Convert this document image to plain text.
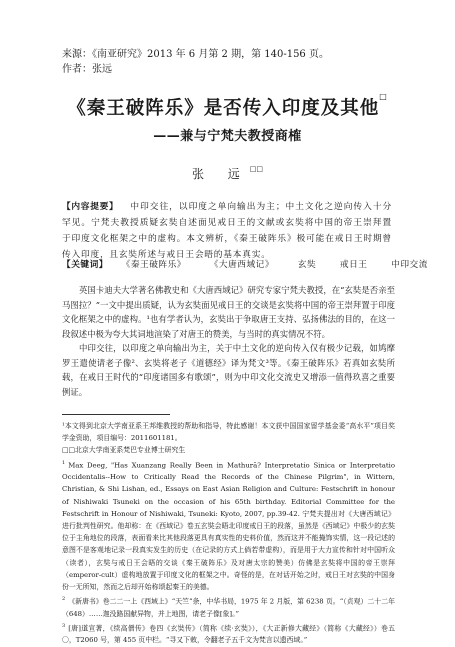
来源：《南亚研究》2013 年 6 月第 2 期，第 140-156 页。
作者：张远
《秦王破阵乐》是否传入印度及其他□
——兼与宁梵夫教授商榷
张 远□□
【内容提要】 中印交往，以印度之单向输出为主；中土文化之逆向传入十分罕见。宁梵夫教授质疑玄奘自述面见戒日王的文献或玄奘将中国的帝王崇拜置于印度文化框架之中的虚构。本文辨析，《秦王破阵乐》极可能在戒日王时期曾传入印度，且玄奘所述与戒日王会晤的基本真实。
【关键词】 《秦王破阵乐》	《大唐西域记》	玄奘	戒日王	中印交流

英国卡迪夫大学著名佛教史和《大唐西域记》研究专家宁梵夫教授，在“玄奘是否亲至马图拉？”一文中提出质疑，认为玄奘面见戒日王的交谈是玄奘将中国的帝王崇拜置于印度文化框架之中的虚构。¹也有学者认为，玄奘出于争取唐王支持、弘扬佛法的目的，在这一段叙述中极为夸大其词地渲染了对唐王的赞美，与当时的真实情况不符。

中印交往，以印度之单向输出为主，关于中土文化的逆向传入仅有极少记载，如鸠摩罗王遣使请老子像²、玄奘将老子《道德经》译为梵文³等。《秦王破阵乐》若真如玄奘所载，在戒日王时代的“印度诸国多有歌颂”，则为中印文化交流史又增添一值得玖喜之重要例证。

¹本文得到北京大学南亚系王邦维教授的帮助和指导，特此感谢！本文获中国国家留学基金委“高水平”项目奖学金资助，项目编号：2011601181。

□□北京大学南亚系梵巴专业博士研究生

$^1$ Max Deeg, "Has Xuanzang Really Been in Mathurā? Interpretatio Sinica or Interpretatio Occidentalis--How to Critically Read the Records of the Chinese Pilgrim", in Wittern, Christian, & Shi Lishan, ed., Essays on East Asian Religion and Culture: Festschrift in honour of Nishiwaki Tsuneki on the occasion of his 65th birthday. Editorial Committee for the Festschrift in Honour of Nishiwaki, Tsuneki: Kyoto, 2007, pp.39-42. 宁梵夫提出对《大唐西域记》进行批判性研究。他却称：在《西域记》卷五玄奘会晤北印度戒日王的段落，虽然是《西域记》中极少的玄奘位于主角地位的段落，表面看来比其他段落更具有真实性的史料价值，然而这并不能掩饰实情，这一段记述的意图不是客观地记录一段真实发生的历史（在记录的方式上倘若带虚构），而是用于大力宣传和针对中国听众（读者），玄奘与戒日王会晤的交谈《秦王破阵乐》及对唐太宗的赞美）仿佛是玄奘将中国的帝王崇拜（emperor-cult）虚构地放置于印度文化的框架之中。奇怪的是，在对话开始之时，戒日王对玄奘的中国身份一无所知，然而之后却开始称颂起秦王的美德。

$^2$ 《新唐书》卷二二一上《西域上》“天竺”条，中华书局，1975 年 2 月版，第 6238 页。“（贞观）二十二年（648）……迦没路国献异物，并上地图，请老子像[象]。”

$^3$ [唐]道宣著，《续高僧传》卷四《玄奘传》（简称《续·玄奘》），《大正新修大藏经》（简称《大藏经》）卷五〇，T2060 号，第 455 页中栏。“寻又下敕，令翻老子五千文为梵言以遗西域。”
